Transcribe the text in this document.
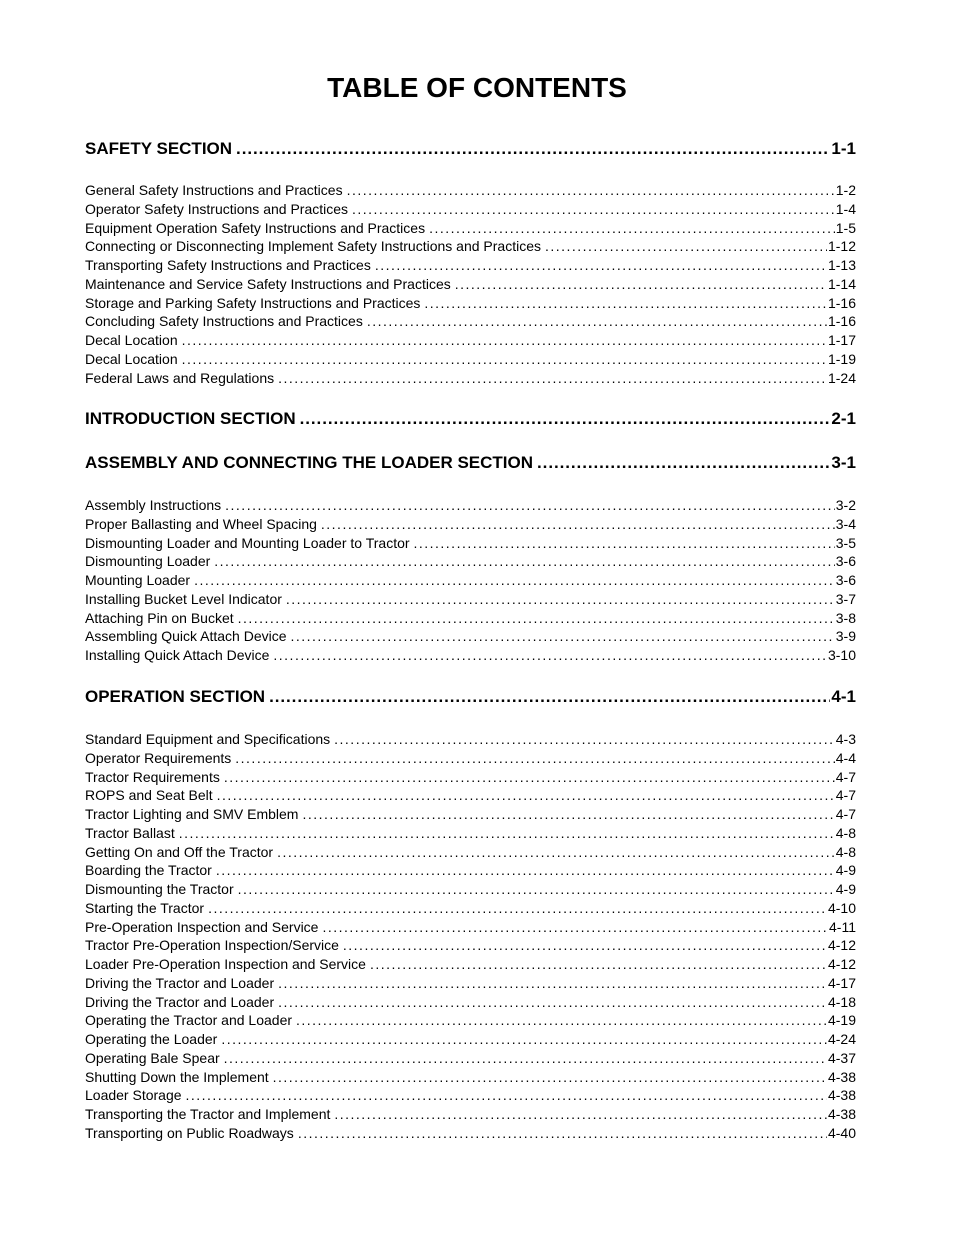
TABLE OF CONTENTS
SAFETY SECTION . . .	1-1
General Safety Instructions and Practices . . .	1-2
Operator Safety Instructions and Practices . . .	1-4
Equipment Operation Safety Instructions and Practices . . .	1-5
Connecting or Disconnecting Implement Safety Instructions and Practices . . .	1-12
Transporting Safety Instructions and Practices . . .	1-13
Maintenance and Service Safety Instructions and Practices . . .	1-14
Storage and Parking Safety Instructions and Practices . . .	1-16
Concluding Safety Instructions and Practices . . .	1-16
Decal Location . . .	1-17
Decal Location . . .	1-19
Federal Laws and Regulations . . .	1-24
INTRODUCTION SECTION . . .	2-1
ASSEMBLY AND CONNECTING THE LOADER SECTION . . .	3-1
Assembly Instructions . . .	3-2
Proper Ballasting and Wheel Spacing . . .	3-4
Dismounting Loader and Mounting Loader to Tractor . . .	3-5
Dismounting Loader . . .	3-6
Mounting Loader . . .	3-6
Installing Bucket Level Indicator . . .	3-7
Attaching Pin on Bucket . . .	3-8
Assembling Quick Attach Device . . .	3-9
Installing Quick Attach Device . . .	3-10
OPERATION SECTION . . .	4-1
Standard Equipment and Specifications . . .	4-3
Operator Requirements . . .	4-4
Tractor Requirements . . .	4-7
ROPS and Seat Belt . . .	4-7
Tractor Lighting and SMV Emblem . . .	4-7
Tractor Ballast . . .	4-8
Getting On and Off the Tractor . . .	4-8
Boarding the Tractor . . .	4-9
Dismounting the Tractor . . .	4-9
Starting the Tractor . . .	4-10
Pre-Operation Inspection and Service . . .	4-11
Tractor Pre-Operation Inspection/Service . . .	4-12
Loader Pre-Operation Inspection and Service . . .	4-12
Driving the Tractor and Loader . . .	4-17
Driving the Tractor and Loader . . .	4-18
Operating the Tractor and Loader . . .	4-19
Operating the Loader . . .	4-24
Operating Bale Spear . . .	4-37
Shutting Down the Implement . . .	4-38
Loader Storage . . .	4-38
Transporting the Tractor and Implement . . .	4-38
Transporting on Public Roadways . . .	4-40
